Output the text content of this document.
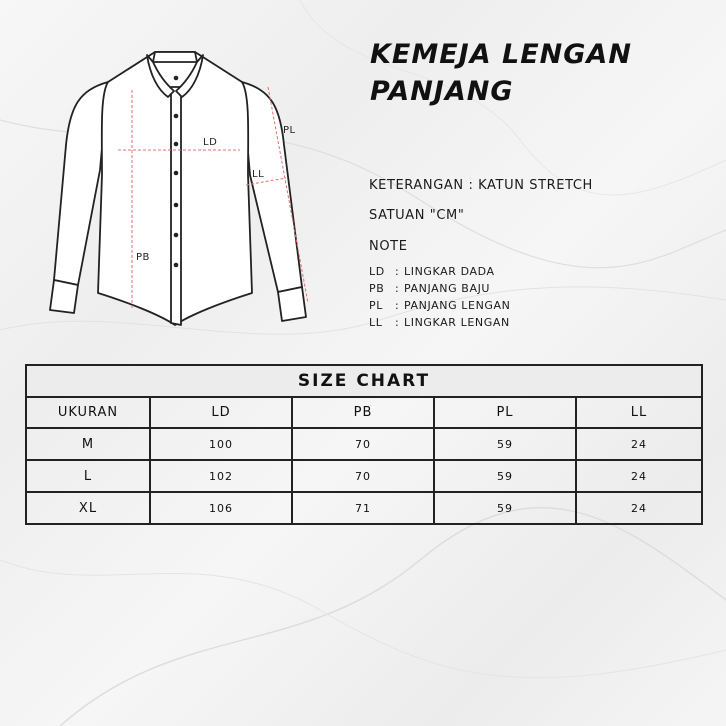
LD
PL
LL
PB
KEMEJA LENGAN
PANJANG
KETERANGAN : KATUN STRETCH
SATUAN "CM"
NOTE
LD : LINGKAR DADA
PB : PANJANG BAJU
PL	: PANJANG LENGAN
LL	: LINGKAR LENGAN
SIZE CHART				
UKURAN	LD	PB	PL	LL
M	100	70	59	24
L	102	70	59	24
XL	106	71	59	24
